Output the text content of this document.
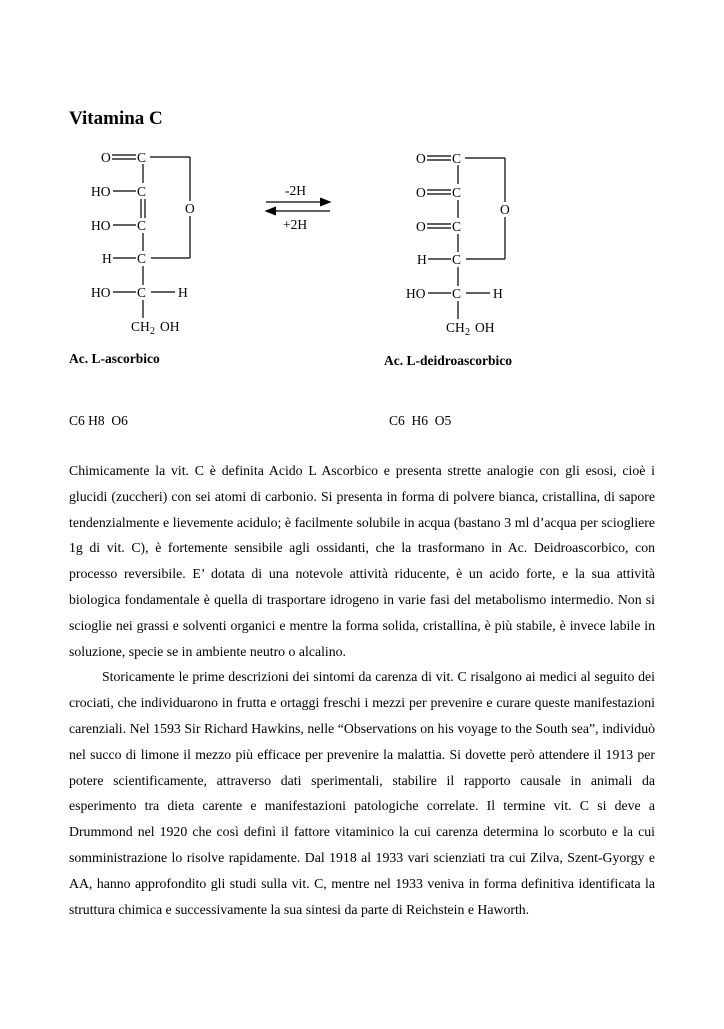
Vitamina C
O C
HO C
O
HO C
H C
HO C H
CH 2 OH
-2H
+2H
O C
O C
O
O C
H C
HO C H
CH 2 OH
Ac. L-ascorbico	Ac. L-deidroascorbico
C6 H8  O6	C6  H6  O5

Chimicamente la vit. C è definita Acido L Ascorbico e presenta strette analogie con gli esosi, cioè i glucidi (zuccheri) con sei atomi di carbonio. Si presenta in forma di polvere bianca, cristallina, di sapore tendenzialmente e lievemente acidulo; è facilmente solubile in acqua (bastano 3 ml d’acqua per sciogliere 1g di vit. C), è fortemente sensibile agli ossidanti, che la trasformano in Ac. Deidroascorbico, con processo reversibile. E’ dotata di una notevole attività riducente, è un acido forte, e la sua attività biologica fondamentale è quella di trasportare idrogeno in varie fasi del metabolismo intermedio. Non si scioglie nei grassi e solventi organici e mentre la forma solida, cristallina, è più stabile, è invece labile in soluzione, specie se in ambiente neutro o alcalino.

Storicamente le prime descrizioni dei sintomi da carenza di vit. C risalgono ai medici al seguito dei crociati, che individuarono in frutta e ortaggi freschi i mezzi per prevenire e curare queste manifestazioni carenziali. Nel 1593 Sir Richard Hawkins, nelle “Observations on his voyage to the South sea”, individuò nel succo di limone il mezzo più efficace per prevenire la malattia. Si dovette però attendere il 1913 per potere scientificamente, attraverso dati sperimentali, stabilire il rapporto causale in animali da esperimento tra dieta carente e manifestazioni patologiche correlate. Il termine vit. C si deve a Drummond nel 1920 che così definì il fattore vitaminico la cui carenza determina lo scorbuto e la cui somministrazione lo risolve rapidamente. Dal 1918 al 1933 vari scienziati tra cui Zilva, Szent-Gyorgy e AA, hanno approfondito gli studi sulla vit. C, mentre nel 1933 veniva in forma definitiva identificata la struttura chimica e successivamente la sua sintesi da parte di Reichstein e Haworth.
